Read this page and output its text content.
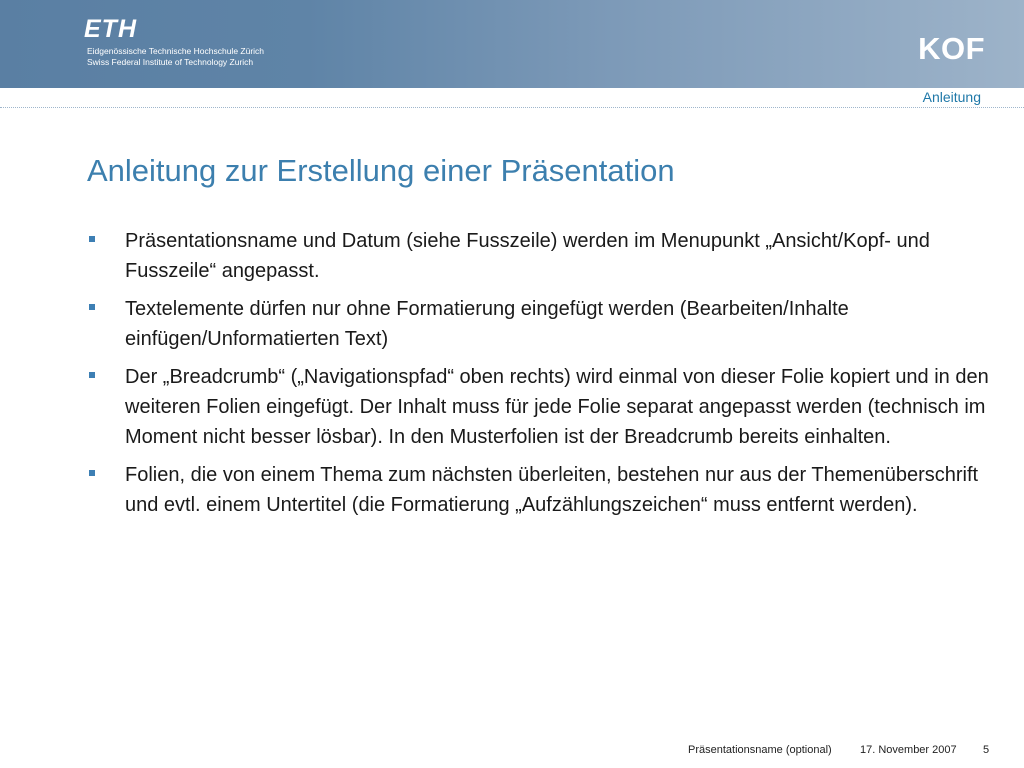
ETH
Eidgenössische Technische Hochschule Zürich
Swiss Federal Institute of Technology Zurich	KOF
Anleitung
Anleitung zur Erstellung einer Präsentation
Präsentationsname und Datum (siehe Fusszeile) werden im Menupunkt „Ansicht/Kopf- und Fusszeile“ angepasst.
Textelemente dürfen nur ohne Formatierung eingefügt werden (Bearbeiten/Inhalte einfügen/Unformatierten Text)
Der „Breadcrumb“ („Navigationspfad“ oben rechts) wird einmal von dieser Folie kopiert und in den weiteren Folien eingefügt. Der Inhalt muss für jede Folie separat angepasst werden (technisch im Moment nicht besser lösbar). In den Musterfolien ist der Breadcrumb bereits einhalten.
Folien, die von einem Thema zum nächsten überleiten, bestehen nur aus der Themenüberschrift und evtl. einem Untertitel (die Formatierung „Aufzählungszeichen“ muss entfernt werden).
Präsentationsname (optional)	17. November 2007 5
